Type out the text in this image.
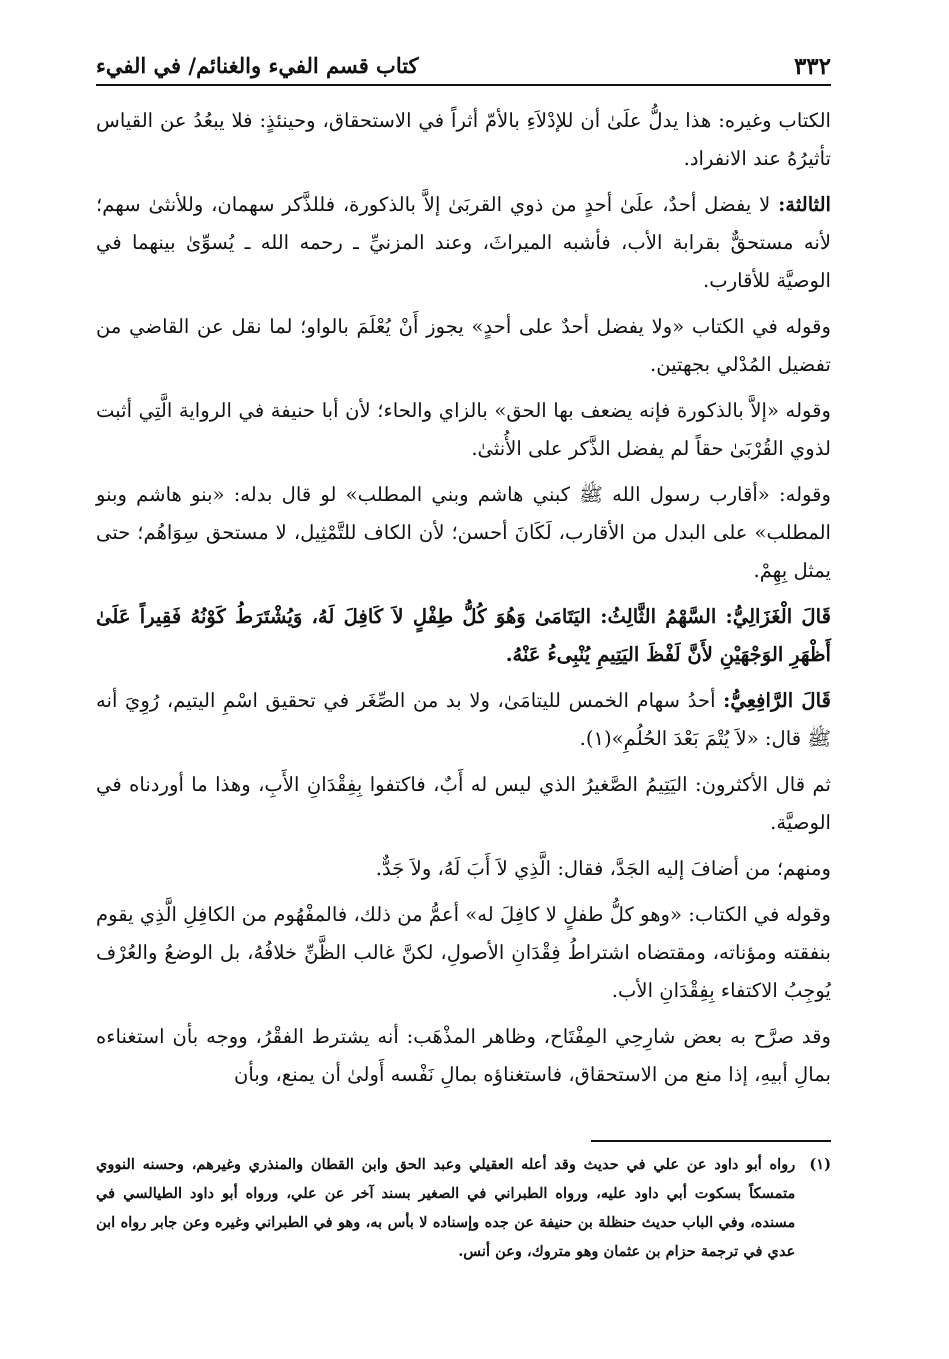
٣٣٢
كتاب قسم الفيء والغنائم/ في الفيء

الكتاب وغيره: هذا يدلُّ علَىٰ أن للإدْلاَءِ بالأمّ أثراً في الاستحقاق، وحينئذٍ: فلا يبعُدُ عن القياس تأثيرُهُ عند الانفراد.

الثالثة: لا يفضل أحدٌ، علَىٰ أحدٍ من ذوي القربَىٰ إلاَّ بالذكورة، فللذَّكر سهمان، وللأنثىٰ سهم؛ لأنه مستحقٌّ بقرابة الأب، فأشبه الميراثَ، وعند المزنيِّ ـ رحمه الله ـ يُسوِّىٰ بينهما في الوصيَّة للأقارب.

وقوله في الكتاب «ولا يفضل أحدٌ على أحدٍ» يجوز أَنْ يُعْلَمَ بالواو؛ لما نقل عن القاضي من تفضيل المُدْلي بجهتين.

وقوله «إلاَّ بالذكورة فإنه يضعف بها الحق» بالزاي والحاء؛ لأن أبا حنيفة في الرواية الَّتِي أثبت لذوي القُرْبَىٰ حقاً لم يفضل الذَّكر على الأُنثىٰ.

وقوله: «أقارب رسول الله ﷺ كبني هاشم وبني المطلب» لو قال بدله: «بنو هاشم وبنو المطلب» على البدل من الأقارب، لَكَانَ أحسن؛ لأن الكاف للتَّمْثِيل، لا مستحق سِوَاهُم؛ حتى يمثل بِهِمْ.

قَالَ الْغَزَالِيُّ: السَّهْمُ الثَّالِثُ: اليَتَامَىٰ وَهُوَ كُلُّ طِفْلٍ لاَ كَافِلَ لَهُ، وَيُشْتَرَطُ كَوْنُهُ فَقِيراً عَلَىٰ أَظْهَرِ الوَجْهَيْنِ لأَنَّ لَفْظَ اليَتِيمِ يُنْبِىءُ عَنْهُ.

قَالَ الرَّافِعِيُّ: أحدُ سهام الخمس لليتامَىٰ، ولا بد من الصِّغَر في تحقيق اسْمِ اليتيم، رُوِيَ أنه ﷺ قال: «لاَ يُتْمَ بَعْدَ الحُلُمِ»(١).

ثم قال الأكثرون: اليَتِيمُ الصَّغيرُ الذي ليس له أَبٌ، فاكتفوا بِفِقْدَانِ الأَبِ، وهذا ما أوردناه في الوصيَّة.

ومنهم؛ من أضافَ إليه الجَدَّ، فقال: الَّذِي لاَ أَبَ لَهُ، ولاَ جَدٌّ.

وقوله في الكتاب: «وهو كلُّ طفلٍ لا كافِلَ له» أعمُّ من ذلك، فالمفْهُوم من الكافِلِ الَّذِي يقوم بنفقته ومؤناته، ومقتضاه اشتراطُ فِقْدَانِ الأصولِ، لكنَّ غالب الظَّنِّ خلافُهُ، بل الوضعُ والعُرْف يُوجِبُ الاكتفاء بِفِقْدَانِ الأب.

وقد صرَّح به بعض شارِحِي المِفْتَاح، وظاهر المذْهَب: أنه يشترط الفقْرُ، ووجه بأن استغناءه بمالِ أبيهِ، إذا منع من الاستحقاق، فاستغناؤه بمالِ نَفْسه أَولىٰ أن يمنع، وبأن

(١)
رواه أبو داود عن علي في حديث وقد أعله العقيلي وعبد الحق وابن القطان والمنذري وغيرهم، وحسنه النووي متمسكاً بسكوت أبي داود عليه، ورواه الطبراني في الصغير بسند آخر عن علي، ورواه أبو داود الطيالسي في مسنده، وفي الباب حديث حنظلة بن حنيفة عن جده وإسناده لا بأس به، وهو في الطبراني وغيره وعن جابر رواه ابن عدي في ترجمة حزام بن عثمان وهو متروك، وعن أنس.
